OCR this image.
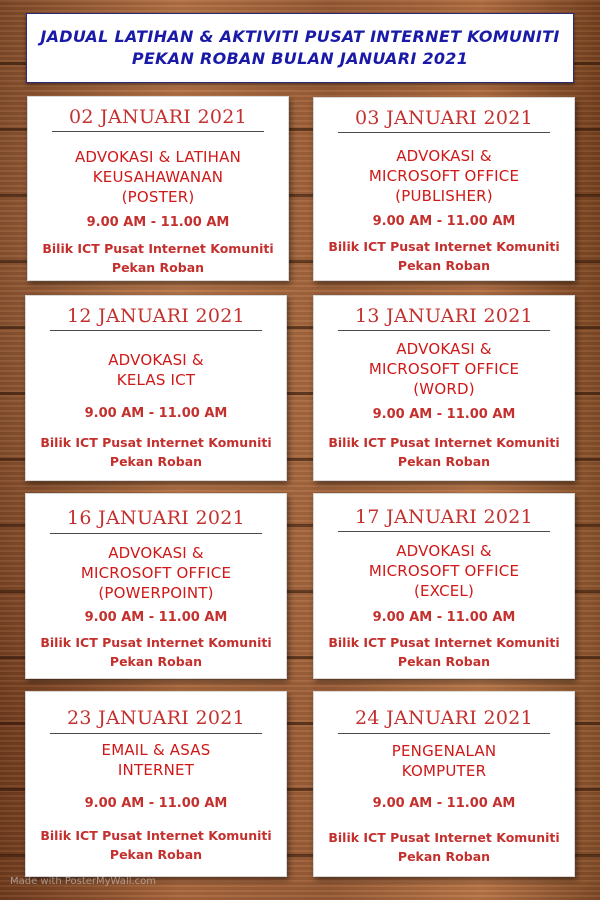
JADUAL LATIHAN & AKTIVITI PUSAT INTERNET KOMUNITI
PEKAN ROBAN BULAN JANUARI 2021
02 JANUARI 2021
ADVOKASI & LATIHAN
KEUSAHAWANAN
(POSTER)
9.00 AM - 11.00 AM
Bilik ICT Pusat Internet Komuniti
Pekan Roban
03 JANUARI 2021
ADVOKASI &
MICROSOFT OFFICE
(PUBLISHER)
9.00 AM - 11.00 AM
Bilik ICT Pusat Internet Komuniti
Pekan Roban
12 JANUARI 2021
ADVOKASI &
KELAS ICT
9.00 AM - 11.00 AM
Bilik ICT Pusat Internet Komuniti
Pekan Roban
13 JANUARI 2021
ADVOKASI &
MICROSOFT OFFICE
(WORD)
9.00 AM - 11.00 AM
Bilik ICT Pusat Internet Komuniti
Pekan Roban
16 JANUARI 2021
ADVOKASI &
MICROSOFT OFFICE
(POWERPOINT)
9.00 AM - 11.00 AM
Bilik ICT Pusat Internet Komuniti
Pekan Roban
17 JANUARI 2021
ADVOKASI &
MICROSOFT OFFICE
(EXCEL)
9.00 AM - 11.00 AM
Bilik ICT Pusat Internet Komuniti
Pekan Roban
23 JANUARI 2021
EMAIL & ASAS
INTERNET
9.00 AM - 11.00 AM
Bilik ICT Pusat Internet Komuniti
Pekan Roban
24 JANUARI 2021
PENGENALAN
KOMPUTER
9.00 AM - 11.00 AM
Bilik ICT Pusat Internet Komuniti
Pekan Roban
Made with PosterMyWall.com
